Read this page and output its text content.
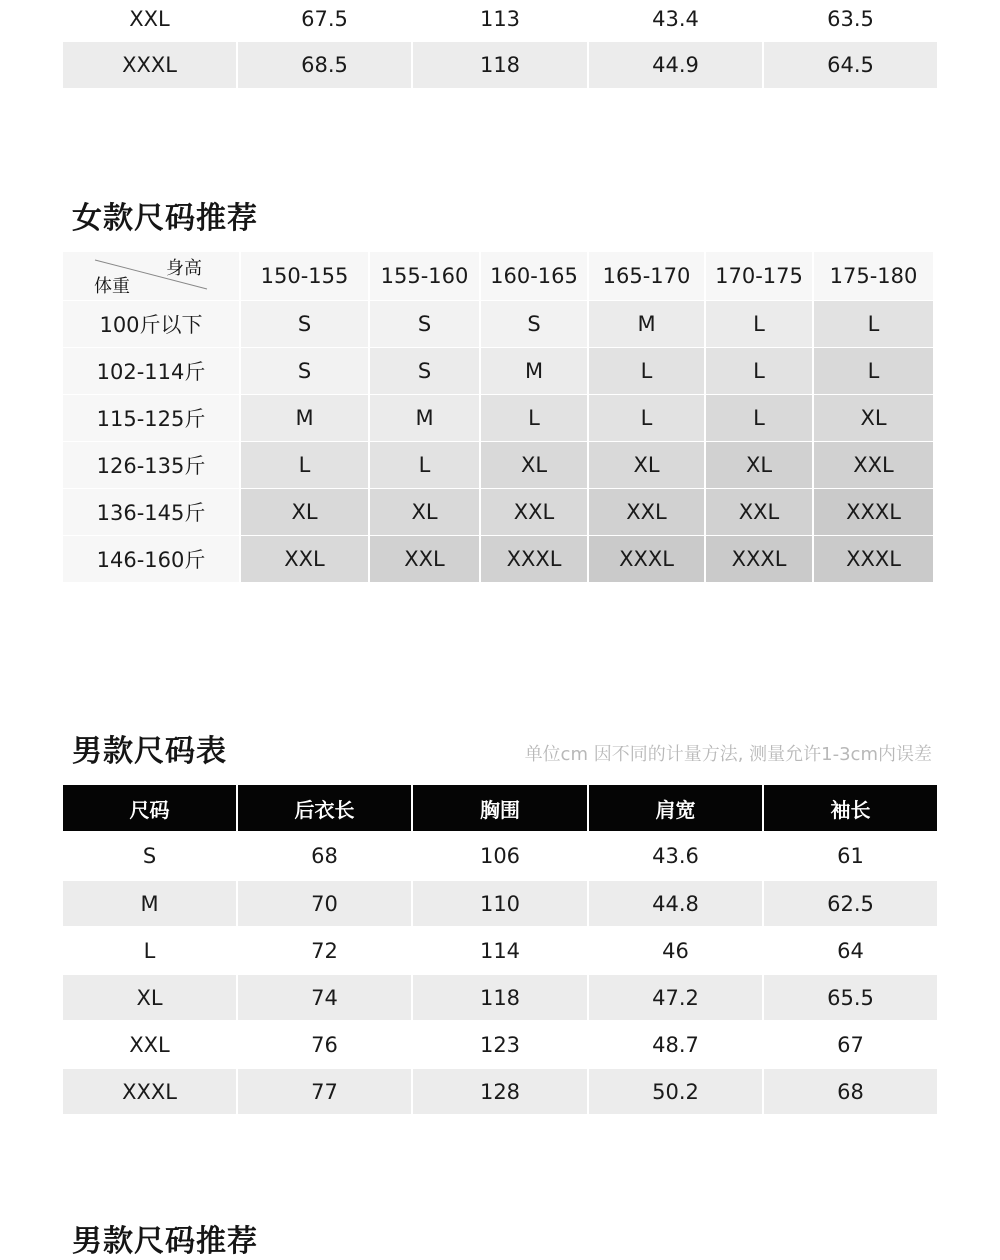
XXL	67.5	113	43.4	63.5
XXXL	68.5	118	44.9	64.5
女款尺码推荐
身高
体重	150-155	155-160	160-165	165-170	170-175	175-180
100斤以下	S	S	S	M	L	L
102-114斤	S	S	M	L	L	L
115-125斤	M	M	L	L	L	XL
126-135斤	L	L	XL	XL	XL	XXL
136-145斤	XL	XL	XXL	XXL	XXL	XXXL
146-160斤	XXL	XXL	XXXL	XXXL	XXXL	XXXL
男款尺码表	单位cm 因不同的计量方法, 测量允许1-3cm内误差
尺码	后衣长	胸围	肩宽	袖长
S	68	106	43.6	61
M	70	110	44.8	62.5
L	72	114	46	64
XL	74	118	47.2	65.5
XXL	76	123	48.7	67
XXXL	77	128	50.2	68
男款尺码推荐
